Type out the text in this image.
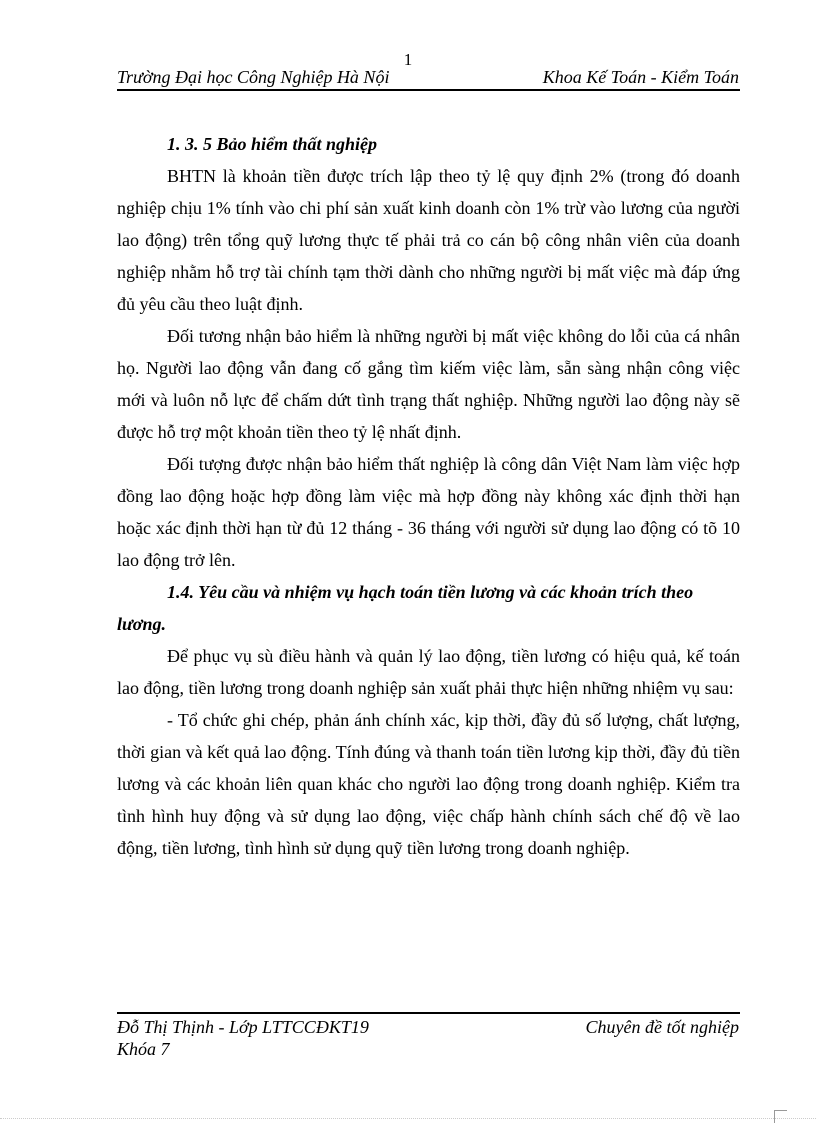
1
Trường Đại học Công Nghiệp Hà Nội	Khoa Kế Toán - Kiểm Toán
1. 3. 5 Bảo hiểm thất nghiệp

BHTN là khoản tiền được trích lập theo tỷ lệ quy định 2% (trong đó doanh nghiệp chịu 1% tính vào chi phí sản xuất kinh doanh còn 1% trừ vào lương của người lao động) trên tổng quỹ lương thực tế phải trả co cán bộ công nhân viên của doanh nghiệp nhằm hỗ trợ tài chính tạm thời dành cho những người bị mất việc mà đáp ứng đủ yêu cầu theo luật định.

Đối tương nhận bảo hiểm là những người bị mất việc không do lỗi của cá nhân họ. Người lao động vẫn đang cố gắng tìm kiếm việc làm, sẵn sàng nhận công việc mới và luôn nỗ lực để chấm dứt tình trạng thất nghiệp. Những người lao động này sẽ được hỗ trợ một khoản tiền theo tỷ lệ nhất định.

Đối tượng được nhận bảo hiểm thất nghiệp là công dân Việt Nam làm việc hợp đồng lao động hoặc hợp đồng làm việc mà hợp đồng này không xác định thời hạn hoặc xác định thời hạn từ đủ 12 tháng - 36 tháng với người sử dụng lao động có tõ 10 lao động trở lên.

1.4. Yêu cầu và nhiệm vụ hạch toán tiền lương và các khoản trích theo lương.

Để phục vụ sù điều hành và quản lý lao động, tiền lương có hiệu quả, kế toán lao động, tiền lương trong doanh nghiệp sản xuất phải thực hiện những nhiệm vụ sau:

- Tổ chức ghi chép, phản ánh chính xác, kịp thời, đầy đủ số lượng, chất lượng, thời gian và kết quả lao động. Tính đúng và thanh toán tiền lương kịp thời, đầy đủ tiền lương và các khoản liên quan khác cho người lao động trong doanh nghiệp. Kiểm tra tình hình huy động và sử dụng lao động, việc chấp hành chính sách chế độ về lao động, tiền lương, tình hình sử dụng quỹ tiền lương trong doanh nghiệp.

Đỗ Thị Thịnh - Lớp LTTCCĐKT19
Khóa 7
Chuyên đề tốt nghiệp
